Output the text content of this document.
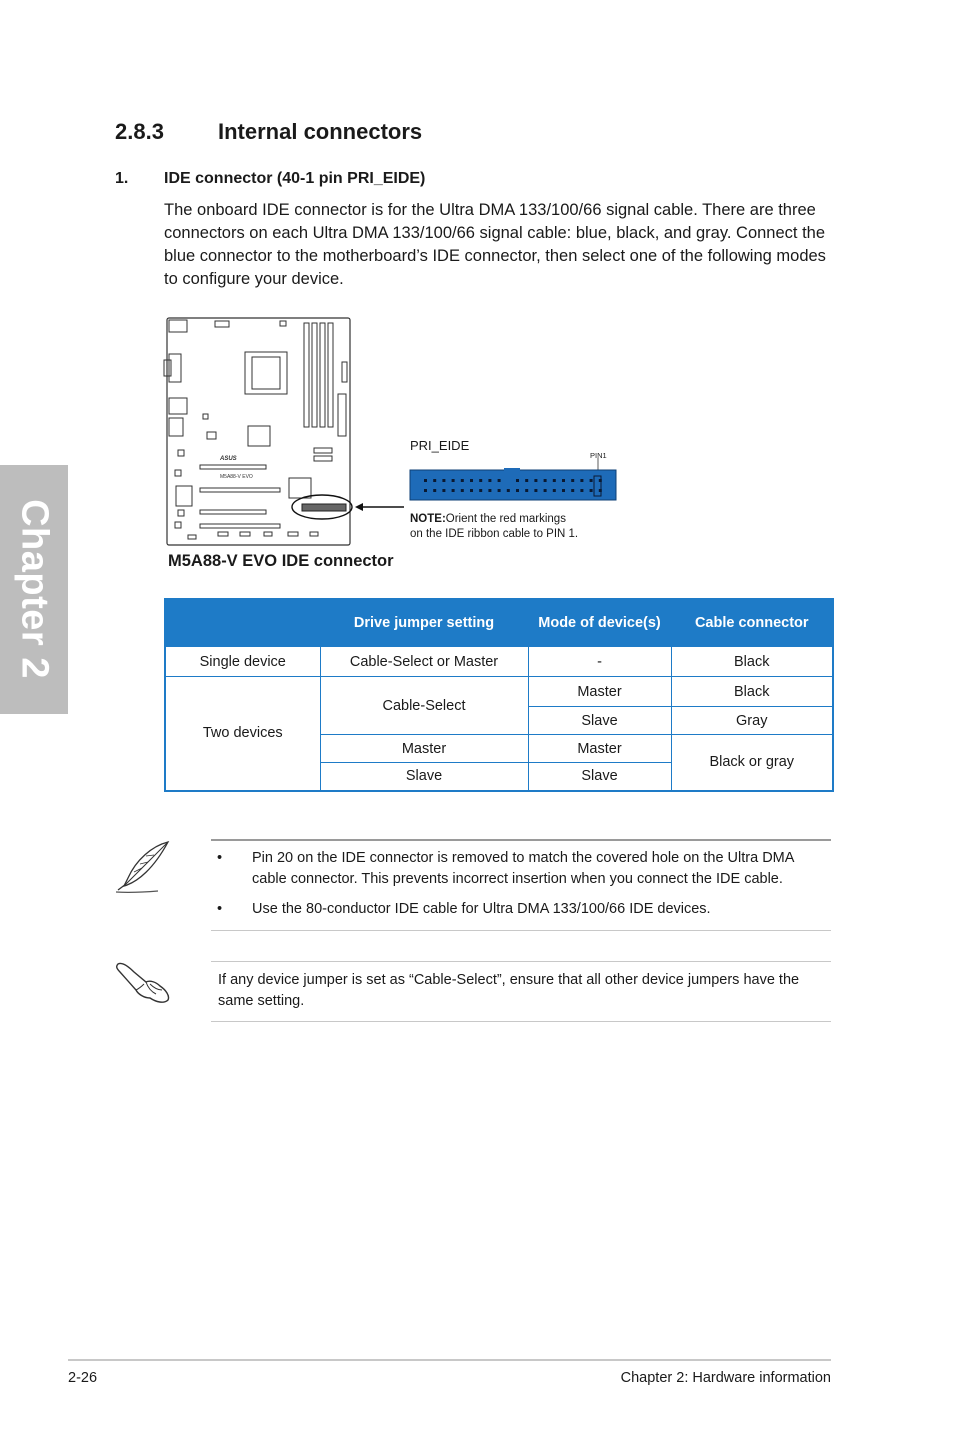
Chapter 2
2.8.3 Internal connectors
1. IDE connector (40-1 pin PRI_EIDE)
The onboard IDE connector is for the Ultra DMA 133/100/66 signal cable. There are three connectors on each Ultra DMA 133/100/66 signal cable: blue, black, and gray. Connect the blue connector to the motherboard’s IDE connector, then select one of the following modes to configure your device.
ASUS
M5A88-V EVO
M5A88-V EVO IDE connector
PRI_EIDE
PIN1
NOTE:Orient the red markings
on the IDE ribbon cable to PIN 1.
	Drive jumper setting	Mode of device(s)	Cable connector
Single device	Cable-Select or Master	-	Black
Two devices	Cable-Select	Master	Black
		Slave	Gray
	Master	Master	Black or gray
	Slave	Slave	
• Pin 20 on the IDE connector is removed to match the covered hole on the Ultra DMA cable connector. This prevents incorrect insertion when you connect the IDE cable.
• Use the 80-conductor IDE cable for Ultra DMA 133/100/66 IDE devices.
If any device jumper is set as “Cable-Select”, ensure that all other device jumpers have the same setting.
2-26	Chapter 2: Hardware information
